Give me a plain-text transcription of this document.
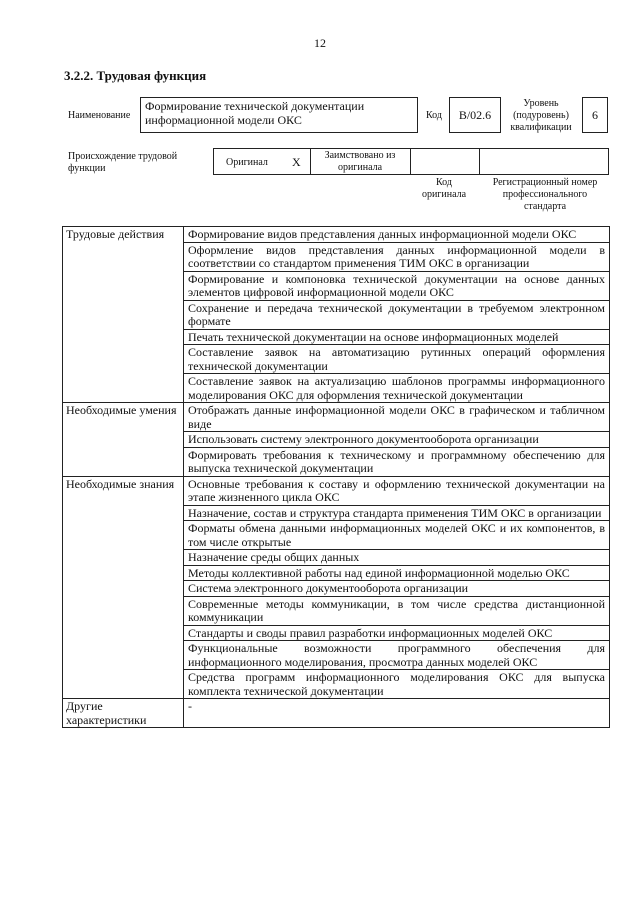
12
3.2.2. Трудовая функция
Наименование
Формирование технической документации информационной модели ОКС	Код	B/02.6
Уровень (подуровень) квалификации
6
Происхождение трудовой функции
Оригинал X	Заимствовано из оригинала
Код оригинала
Регистрационный номер профессионального стандарта
Трудовые действия	Формирование видов представления данных информационной модели ОКС
	Оформление видов представления данных информационной модели в соответствии со стандартом применения ТИМ ОКС в организации
	Формирование и компоновка технической документации на основе данных элементов цифровой информационной модели ОКС
	Сохранение и передача технической документации в требуемом электронном формате
	Печать технической документации на основе информационных моделей
	Составление заявок на автоматизацию рутинных операций оформления технической документации
	Составление заявок на актуализацию шаблонов программы информационного моделирования ОКС для оформления технической документации
Необходимые умения	Отображать данные информационной модели ОКС в графическом и табличном виде
	Использовать систему электронного документооборота организации
	Формировать требования к техническому и программному обеспечению для выпуска технической документации
Необходимые знания	Основные требования к составу и оформлению технической документации на этапе жизненного цикла ОКС
	Назначение, состав и структура стандарта применения ТИМ ОКС в организации
	Форматы обмена данными информационных моделей ОКС и их компонентов, в том числе открытые
	Назначение среды общих данных
	Методы коллективной работы над единой информационной моделью ОКС
	Система электронного документооборота организации
	Современные методы коммуникации, в том числе средства дистанционной коммуникации
	Стандарты и своды правил разработки информационных моделей ОКС
	Функциональные возможности программного обеспечения для информационного моделирования, просмотра данных моделей ОКС
	Средства программ информационного моделирования ОКС для выпуска комплекта технической документации
Другие характеристики	-
